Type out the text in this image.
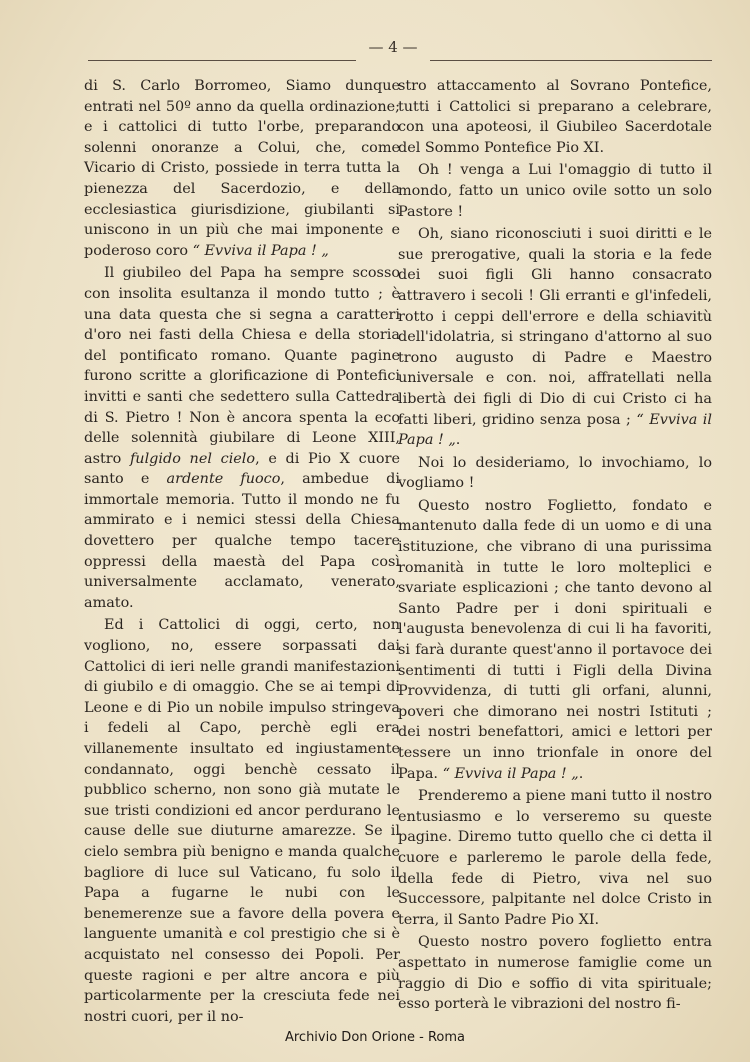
— 4 —

di S. Carlo Borromeo, Siamo dunque entrati nel 50º anno da quella ordinazione; e i cattolici di tutto l'orbe, preparando solenni onoranze a Colui, che, come Vicario di Cristo, possiede in terra tutta la pienezza del Sacerdozio, e della ecclesiastica giurisdizione, giubilanti si uniscono in un più che mai imponente e poderoso coro “ Evviva il Papa ! „

Il giubileo del Papa ha sempre scosso con insolita esultanza il mondo tutto ; è una data questa che si segna a caratteri d'oro nei fasti della Chiesa e della storia del pontificato romano. Quante pagine furono scritte a glorificazione di Pontefici invitti e santi che sedettero sulla Cattedra di S. Pietro ! Non è ancora spenta la eco delle solennità giubilare di Leone XIII, astro fulgido nel cielo, e di Pio X cuore santo e ardente fuoco, ambedue di immortale memoria. Tutto il mondo ne fu ammirato e i nemici stessi della Chiesa dovettero per qualche tempo tacere oppressi della maestà del Papa così universalmente acclamato, venerato, amato.

Ed i Cattolici di oggi, certo, non vogliono, no, essere sorpassati dai Cattolici di ieri nelle grandi manifestazioni di giubilo e di omaggio. Che se ai tempi di Leone e di Pio un nobile impulso stringeva i fedeli al Capo, perchè egli era villanemente insultato ed ingiustamente condannato, oggi benchè cessato il pubblico scherno, non sono già mutate le sue tristi condizioni ed ancor perdurano le cause delle sue diuturne amarezze. Se il cielo sembra più benigno e manda qualche bagliore di luce sul Vaticano, fu solo il Papa a fugarne le nubi con le benemerenze sue a favore della povera e languente umanità e col prestigio che si è acquistato nel consesso dei Popoli. Per queste ragioni e per altre ancora e più particolarmente per la cresciuta fede nei nostri cuori, per il no-

stro attaccamento al Sovrano Pontefice, tutti i Cattolici si preparano a celebrare, con una apoteosi, il Giubileo Sacerdotale del Sommo Pontefice Pio XI.

Oh ! venga a Lui l'omaggio di tutto il mondo, fatto un unico ovile sotto un solo Pastore !

Oh, siano riconosciuti i suoi diritti e le sue prerogative, quali la storia e la fede dei suoi figli Gli hanno consacrato attravero i secoli ! Gli erranti e gl'infedeli, rotto i ceppi dell'errore e della schiavitù dell'idolatria, si stringano d'attorno al suo trono augusto di Padre e Maestro universale e con. noi, affratellati nella libertà dei figli di Dio di cui Cristo ci ha fatti liberi, gridino senza posa ; “ Evviva il Papa ! „.

Noi lo desideriamo, lo invochiamo, lo vogliamo !

Questo nostro Foglietto, fondato e mantenuto dalla fede di un uomo e di una istituzione, che vibrano di una purissima romanità in tutte le loro molteplici e svariate esplicazioni ; che tanto devono al Santo Padre per i doni spirituali e l'augusta benevolenza di cui li ha favoriti, si farà durante quest'anno il portavoce dei sentimenti di tutti i Figli della Divina Provvidenza, di tutti gli orfani, alunni, poveri che dimorano nei nostri Istituti ; dei nostri benefattori, amici e lettori per tessere un inno trionfale in onore del Papa. “ Evviva il Papa ! „.

Prenderemo a piene mani tutto il nostro entusiasmo e lo verseremo su queste pagine. Diremo tutto quello che ci detta il cuore e parleremo le parole della fede, della fede di Pietro, viva nel suo Successore, palpitante nel dolce Cristo in terra, il Santo Padre Pio XI.

Questo nostro povero foglietto entra aspettato in numerose famiglie come un raggio di Dio e soffio di vita spirituale; esso porterà le vibrazioni del nostro fi-

Archivio Don Orione - Roma
